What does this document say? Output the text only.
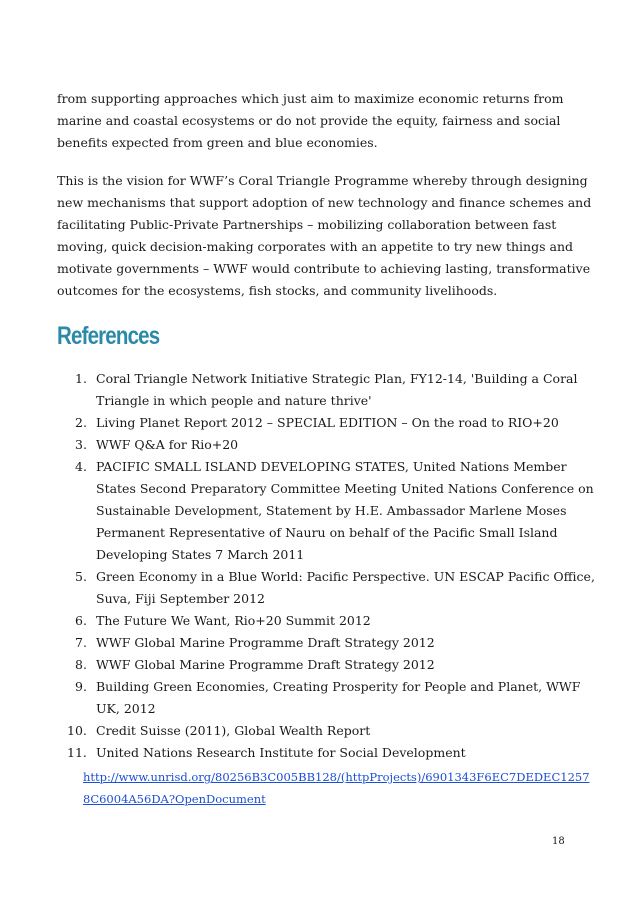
from supporting approaches which just aim to maximize economic returns from marine and coastal ecosystems or do not provide the equity, fairness and social benefits expected from green and blue economies.

This is the vision for WWF’s Coral Triangle Programme whereby through designing new mechanisms that support adoption of new technology and finance schemes and facilitating Public-Private Partnerships – mobilizing collaboration between fast moving, quick decision-making corporates with an appetite to try new things and motivate governments – WWF would contribute to achieving lasting, transformative outcomes for the ecosystems, fish stocks, and community livelihoods.

References
1. Coral Triangle Network Initiative Strategic Plan, FY12-14, 'Building a Coral Triangle in which people and nature thrive'
2. Living Planet Report 2012 – SPECIAL EDITION – On the road to RIO+20
3. WWF Q&A for Rio+20
4. PACIFIC SMALL ISLAND DEVELOPING STATES, United Nations Member States Second Preparatory Committee Meeting United Nations Conference on Sustainable Development, Statement by H.E. Ambassador Marlene Moses Permanent Representative of Nauru on behalf of the Pacific Small Island Developing States 7 March 2011
5. Green Economy in a Blue World: Pacific Perspective. UN ESCAP Pacific Office, Suva, Fiji September 2012
6. The Future We Want, Rio+20 Summit 2012
7. WWF Global Marine Programme Draft Strategy 2012
8. WWF Global Marine Programme Draft Strategy 2012
9. Building Green Economies, Creating Prosperity for People and Planet, WWF UK, 2012
10. Credit Suisse (2011), Global Wealth Report
11. United Nations Research Institute for Social Development
http://www.unrisd.org/80256B3C005BB128/(httpProjects)/6901343F6EC7DEDEC1257 8C6004A56DA?OpenDocument

18
